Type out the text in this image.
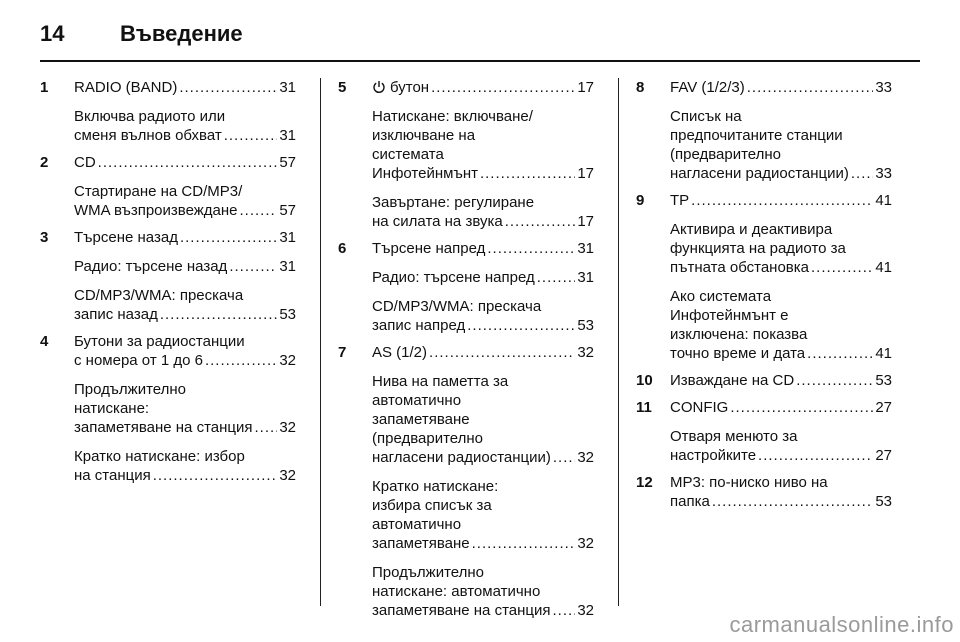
14	Въведение
1 RADIO (BAND) .....	31
Включва радиото или
сменя вълнов обхват .....	31
2 CD .....	57
Стартиране на CD/MP3/
WMA възпроизвеждане .....	57
3 Търсене назад .....	31
Радио: търсене назад .....	31
CD/MP3/WMA: прескача
запис назад .....	53
4 Бутони за радиостанции
с номера от 1 до 6 .....	32
Продължително
натискане:
запаметяване на станция ..... 32
Кратко натискане: избор
на станция .....	32
5	бутон .....	17
Натискане: включване/
изключване на
системата
Инфотейнмънт .....	17
Завъртане: регулиране
на силата на звука .....	17
6 Търсене напред .....	31
Радио: търсене напред .....	31
CD/MP3/WMA: прескача
запис напред .....	53
7 AS (1/2) .....	32
Нива на паметта за
автоматично
запаметяване
(предварително
нагласени радиостанции) ..... 32
Кратко натискане:
избира списък за
автоматично
запаметяване .....	32
Продължително
натискане: автоматично
запаметяване на станция ..... 32
8 FAV (1/2/3) .....	33
Списък на
предпочитаните станции
(предварително
нагласени радиостанции) ..... 33
9 TP .....	41
Активира и деактивира
функцията на радиото за
пътната обстановка .....	41
Ако системата
Инфотейнмънт е
изключена: показва
точно време и дата .....	41
10 Изваждане на CD .....	53
11 CONFIG .....	27
Отваря менюто за
настройките .....	27
12 MP3: по-ниско ниво на
папка .....	53
carmanualsonline.info
